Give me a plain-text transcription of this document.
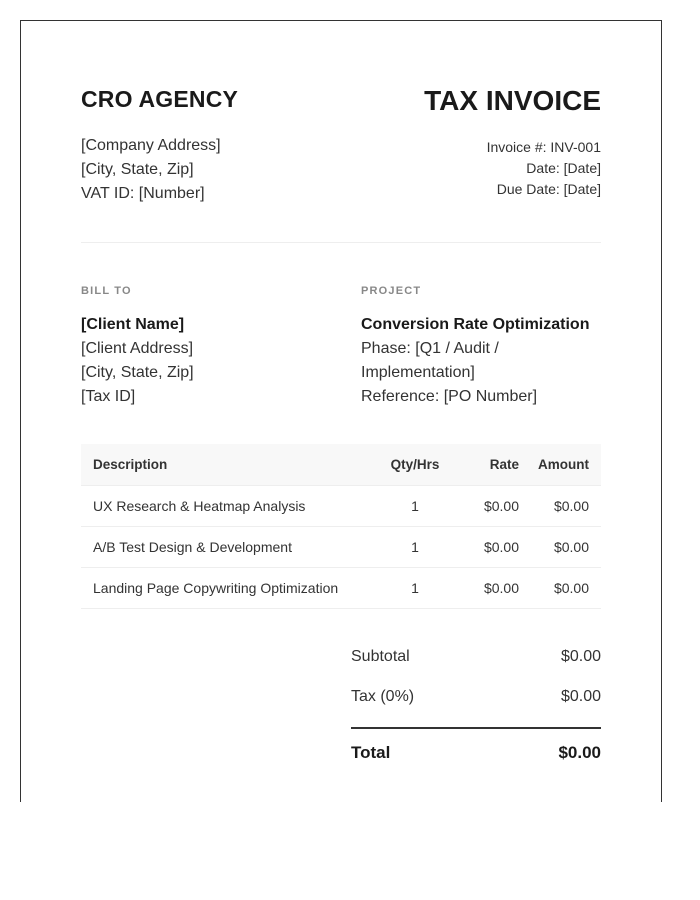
CRO AGENCY
[Company Address]
[City, State, Zip]
VAT ID: [Number]
TAX INVOICE
Invoice #: INV-001
Date: [Date]
Due Date: [Date]
BILL TO
[Client Name]
[Client Address]
[City, State, Zip]
[Tax ID]
PROJECT
Conversion Rate Optimization
Phase: [Q1 / Audit /
Implementation]
Reference: [PO Number]
Description	Qty/Hrs	Rate	Amount
UX Research & Heatmap Analysis	1	$0.00	$0.00
A/B Test Design & Development	1	$0.00	$0.00
Landing Page Copywriting Optimization	1	$0.00	$0.00
Subtotal	$0.00
Tax (0%)	$0.00
Total	$0.00
